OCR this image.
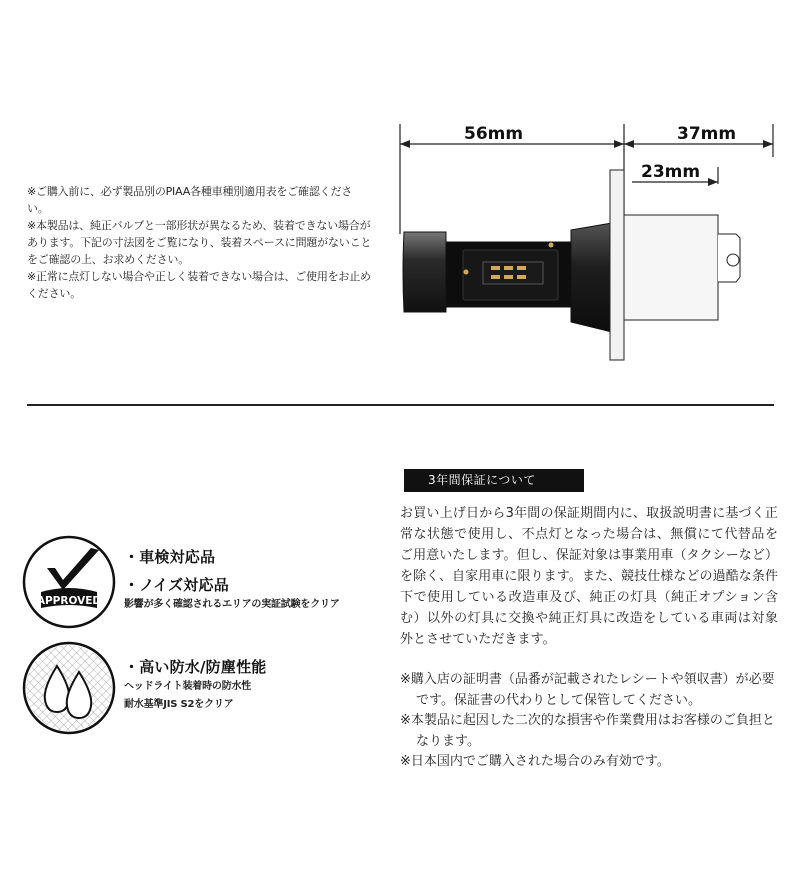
※ご購入前に、必ず製品別のPIAA各種車種別適用表をご確認ください。
※本製品は、純正バルブと一部形状が異なるため、装着できない場合があります。下記の寸法図をご覧になり、装着スペースに問題がないことをご確認の上、お求めください。
※正常に点灯しない場合や正しく装着できない場合は、ご使用をお止めください。
56mm	37mm
23mm
APPROVED
・車検対応品
・ノイズ対応品
影響が多く確認されるエリアの実証試験をクリア
・高い防水/防塵性能
ヘッドライト装着時の防水性
耐水基準JIS S2をクリア
3年間保証について
お買い上げ日から3年間の保証期間内に、取扱説明書に基づく正常な状態で使用し、不点灯となった場合は、無償にて代替品をご用意いたします。但し、保証対象は事業用車（タクシーなど）を除く、自家用車に限ります。また、競技仕様などの過酷な条件下で使用している改造車及び、純正の灯具（純正オプション含む）以外の灯具に交換や純正灯具に改造をしている車両は対象外とさせていただきます。
※購入店の証明書（品番が記載されたレシートや領収書）が必要です。保証書の代わりとして保管してください。
※本製品に起因した二次的な損害や作業費用はお客様のご負担となります。
※日本国内でご購入された場合のみ有効です。
